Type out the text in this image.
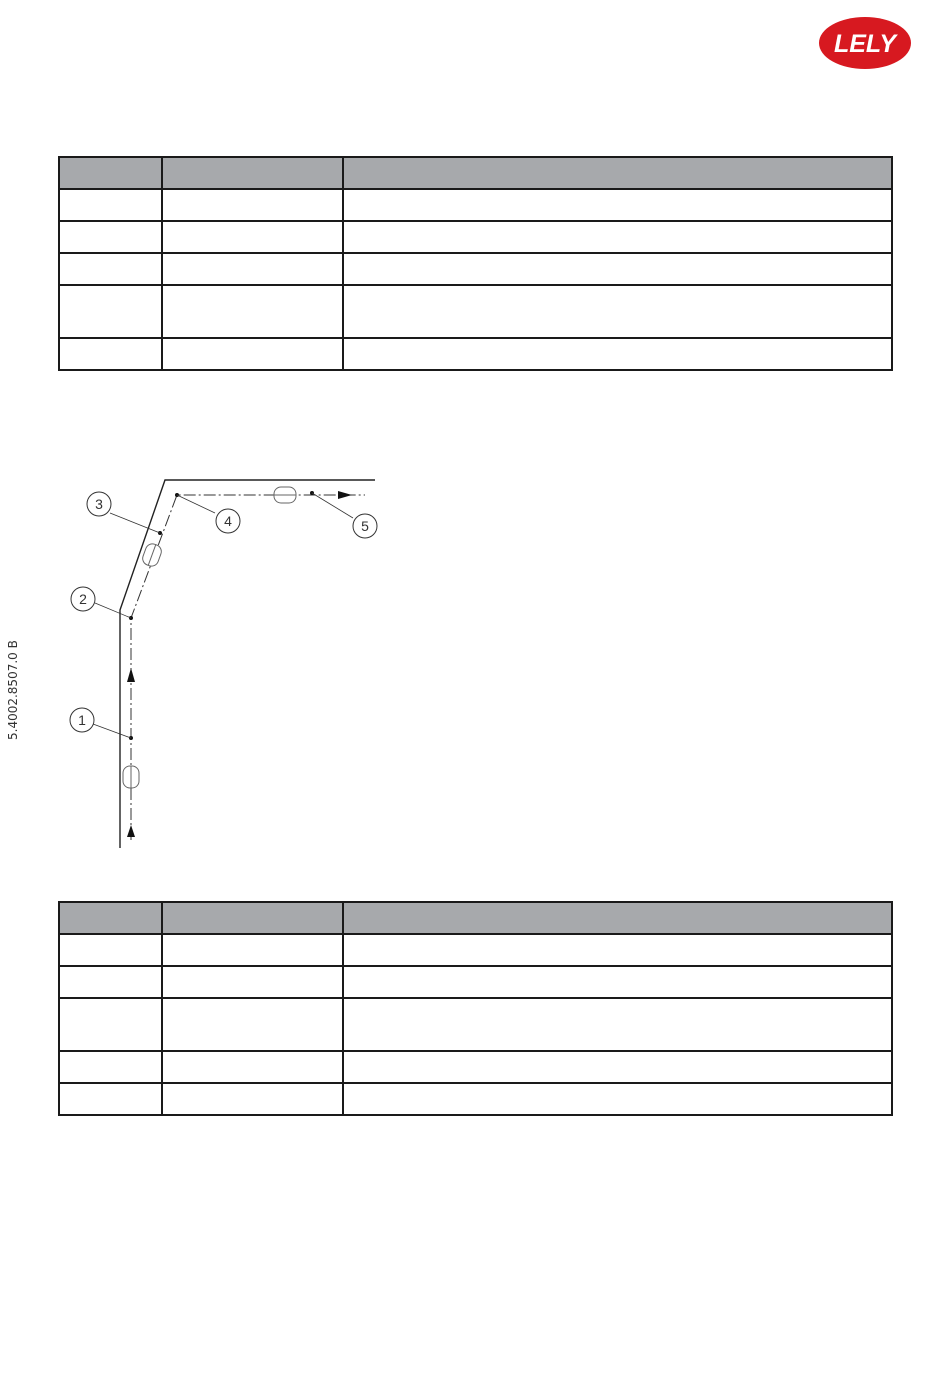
LELY
5.4002.8507.0 B

			1
2
3
4	5
